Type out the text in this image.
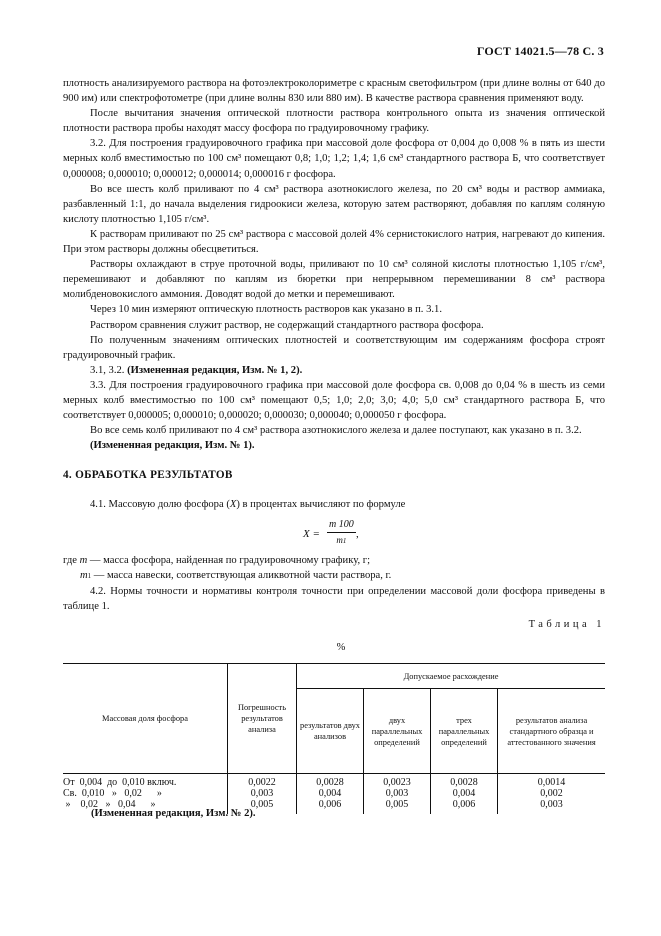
ГОСТ 14021.5—78 С. 3

плотность анализируемого раствора на фотоэлектроколориметре с красным светофильтром (при длине волны от 640 до 900 им) или спектрофотометре (при длине волны 830 или 880 им). В качестве раствора сравнения применяют воду.

После вычитания значения оптической плотности раствора контрольного опыта из значения оптической плотности раствора пробы находят массу фосфора по градуировочному графику.

3.2. Для построения градуировочного графика при массовой доле фосфора от 0,004 до 0,008 % в пять из шести мерных колб вместимостью по 100 см³ помещают 0,8; 1,0; 1,2; 1,4; 1,6 см³ стандартного раствора Б, что соответствует 0,000008; 0,000010; 0,000012; 0,000014; 0,000016 г фосфора.

Во все шесть колб приливают по 4 см³ раствора азотнокислого железа, по 20 см³ воды и раствор аммиака, разбавленный 1:1, до начала выделения гидроокиси железа, которую затем растворяют, добавляя по каплям соляную кислоту плотностью 1,105 г/см³.

К растворам приливают по 25 см³ раствора с массовой долей 4% сернистокислого натрия, нагревают до кипения. При этом растворы должны обесцветиться.

Растворы охлаждают в струе проточной воды, приливают по 10 см³ соляной кислоты плотностью 1,105 г/см³, перемешивают и добавляют по каплям из бюретки при непрерывном перемешивании 8 см³ раствора молибденовокислого аммония. Доводят водой до метки и перемешивают.

Через 10 мин измеряют оптическую плотность растворов как указано в п. 3.1.

Раствором сравнения служит раствор, не содержащий стандартного раствора фосфора.

По полученным значениям оптических плотностей и соответствующим им содержаниям фосфора строят градуировочный график.

3.1, 3.2. (Измененная редакция, Изм. № 1, 2).

3.3. Для построения градуировочного графика при массовой доле фосфора св. 0,008 до 0,04 % в шесть из семи мерных колб вместимостью по 100 см³ помещают 0,5; 1,0; 2,0; 3,0; 4,0; 5,0 см³ стандартного раствора Б, что соответствует 0,000005; 0,000010; 0,000020; 0,000030; 0,000040; 0,000050 г фосфора.

Во все семь колб приливают по 4 см³ раствора азотнокислого железа и далее поступают, как указано в п. 3.2.

(Измененная редакция, Изм. № 1).

4. ОБРАБОТКА РЕЗУЛЬТАТОВ

4.1. Массовую долю фосфора (X) в процентах вычисляют по формуле

$X = \frac{m 100}{m1}$ ,

где m — масса фосфора, найденная по градуировочному графику, г;

m1 — масса навески, соответствующая аликвотной части раствора, г.

4.2. Нормы точности и нормативы контроля точности при определении массовой доли фосфора приведены в таблице 1.

Таблица 1
%

Массовая доля фосфора	Погрешность результатов анализа	Допускаемое расхождение			
		результатов двух анализов	двух параллельных определений	трех параллельных определений	результатов анализа стандартного образца и аттестованного значения
От  0,004  до  0,010 включ.	0,0022	0,0028	0,0023	0,0028	0,0014
Св.  0,010   »   0,02      »	0,003	0,004	0,003	0,004	0,002
»    0,02   »   0,04      »	0,005	0,006	0,005	0,006	0,003
(Измененная редакция, Изм. № 2).
